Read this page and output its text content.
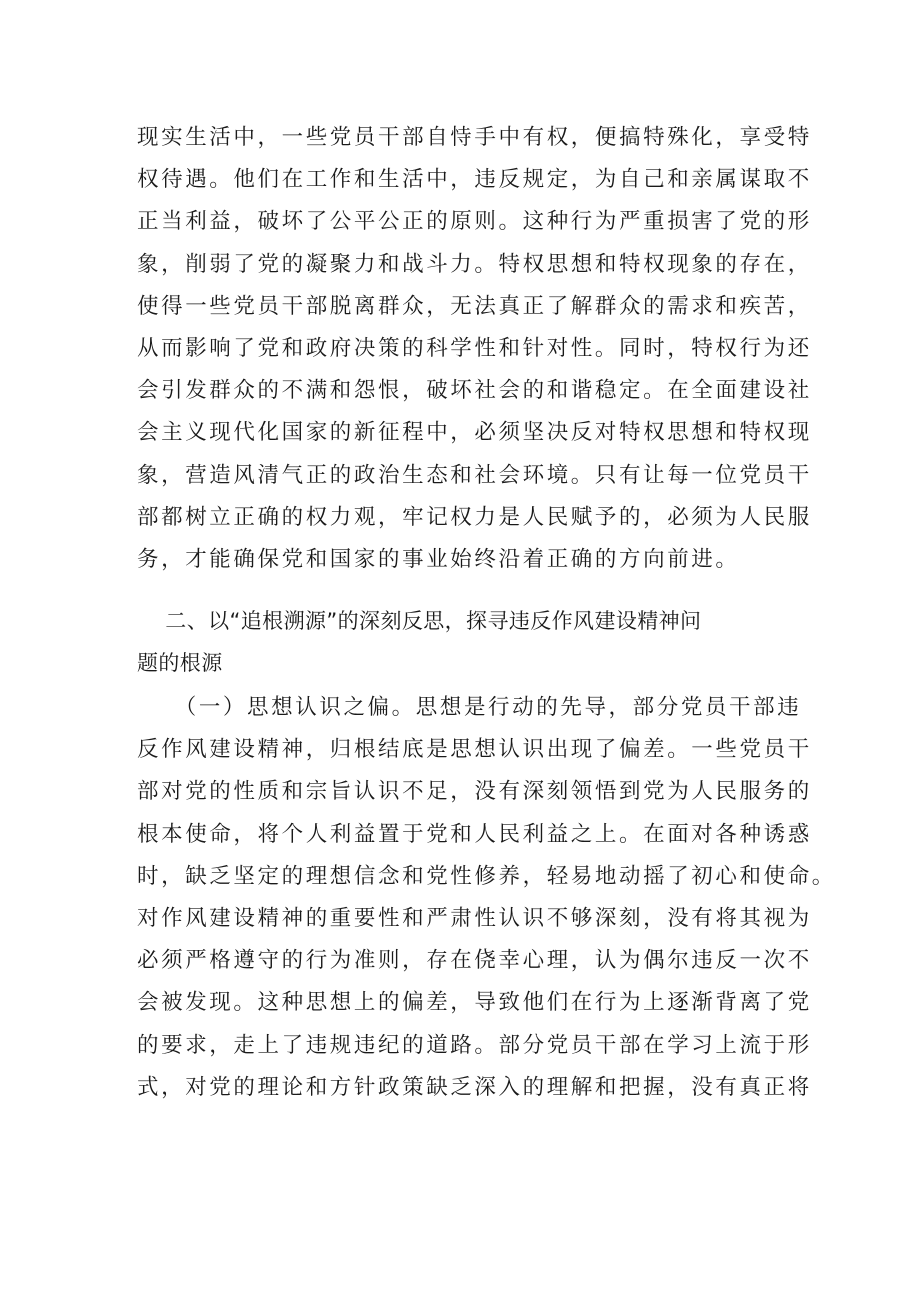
现实生活中，一些党员干部自恃手中有权，便搞特殊化，享受特
权待遇。他们在工作和生活中，违反规定，为自己和亲属谋取不
正当利益，破坏了公平公正的原则。这种行为严重损害了党的形
象，削弱了党的凝聚力和战斗力。特权思想和特权现象的存在，
使得一些党员干部脱离群众，无法真正了解群众的需求和疾苦，
从而影响了党和政府决策的科学性和针对性。同时，特权行为还
会引发群众的不满和怨恨，破坏社会的和谐稳定。在全面建设社
会主义现代化国家的新征程中，必须坚决反对特权思想和特权现
象，营造风清气正的政治生态和社会环境。只有让每一位党员干
部都树立正确的权力观，牢记权力是人民赋予的，必须为人民服
务，才能确保党和国家的事业始终沿着正确的方向前进。
二、以“追根溯源”的深刻反思，探寻违反作风建设精神问
题的根源
（一）思想认识之偏。思想是行动的先导，部分党员干部违
反作风建设精神，归根结底是思想认识出现了偏差。一些党员干
部对党的性质和宗旨认识不足，没有深刻领悟到党为人民服务的
根本使命，将个人利益置于党和人民利益之上。在面对各种诱惑
时，缺乏坚定的理想信念和党性修养，轻易地动摇了初心和使命。
对作风建设精神的重要性和严肃性认识不够深刻，没有将其视为
必须严格遵守的行为准则，存在侥幸心理，认为偶尔违反一次不
会被发现。这种思想上的偏差，导致他们在行为上逐渐背离了党
的要求，走上了违规违纪的道路。部分党员干部在学习上流于形
式，对党的理论和方针政策缺乏深入的理解和把握，没有真正将
